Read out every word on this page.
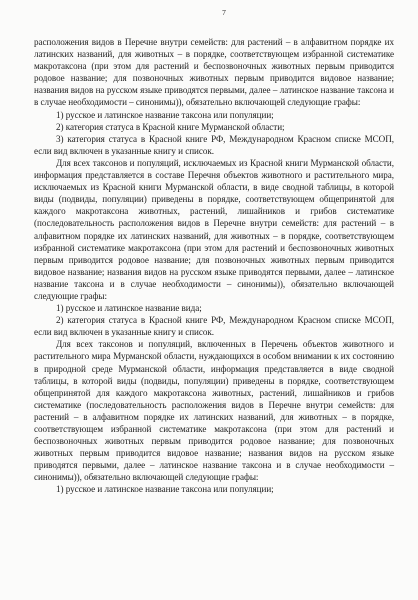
7

расположения видов в Перечне внутри семейств: для растений – в алфавитном порядке их латинских названий, для животных – в порядке, соответствующем избранной систематике макротаксона (при этом для растений и беспозвоночных животных первым приводится родовое название; для позвоночных животных первым приводится видовое название; названия видов на русском языке приводятся первыми, далее – латинское название таксона и в случае необходимости – синонимы)), обязательно включающей следующие графы:

1) русское и латинское название таксона или популяции;

2) категория статуса в Красной книге Мурманской области;

3) категория статуса в Красной книге РФ, Международном Красном списке МСОП, если вид включен в указанные книгу и список.

Для всех таксонов и популяций, исключаемых из Красной книги Мурманской области, информация представляется в составе Перечня объектов животного и растительного мира, исключаемых из Красной книги Мурманской области, в виде сводной таблицы, в которой виды (подвиды, популяции) приведены в порядке, соответствующем общепринятой для каждого макротаксона животных, растений, лишайников и грибов систематике (последовательность расположения видов в Перечне внутри семейств: для растений – в алфавитном порядке их латинских названий, для животных – в порядке, соответствующем избранной систематике макротаксона (при этом для растений и беспозвоночных животных первым приводится родовое название; для позвоночных животных первым приводится видовое название; названия видов на русском языке приводятся первыми, далее – латинское название таксона и в случае необходимости – синонимы)), обязательно включающей следующие графы:

1) русское и латинское название вида;

2) категория статуса в Красной книге РФ, Международном Красном списке МСОП, если вид включен в указанные книгу и список.

Для всех таксонов и популяций, включенных в Перечень объектов животного и растительного мира Мурманской области, нуждающихся в особом внимании к их состоянию в природной среде Мурманской области, информация представляется в виде сводной таблицы, в которой виды (подвиды, популяции) приведены в порядке, соответствующем общепринятой для каждого макротаксона животных, растений, лишайников и грибов систематике (последовательность расположения видов в Перечне внутри семейств: для растений – в алфавитном порядке их латинских названий, для животных – в порядке, соответствующем избранной систематике макротаксона (при этом для растений и беспозвоночных животных первым приводится родовое название; для позвоночных животных первым приводится видовое название; названия видов на русском языке приводятся первыми, далее – латинское название таксона и в случае необходимости – синонимы)), обязательно включающей следующие графы:

1) русское и латинское название таксона или популяции;
